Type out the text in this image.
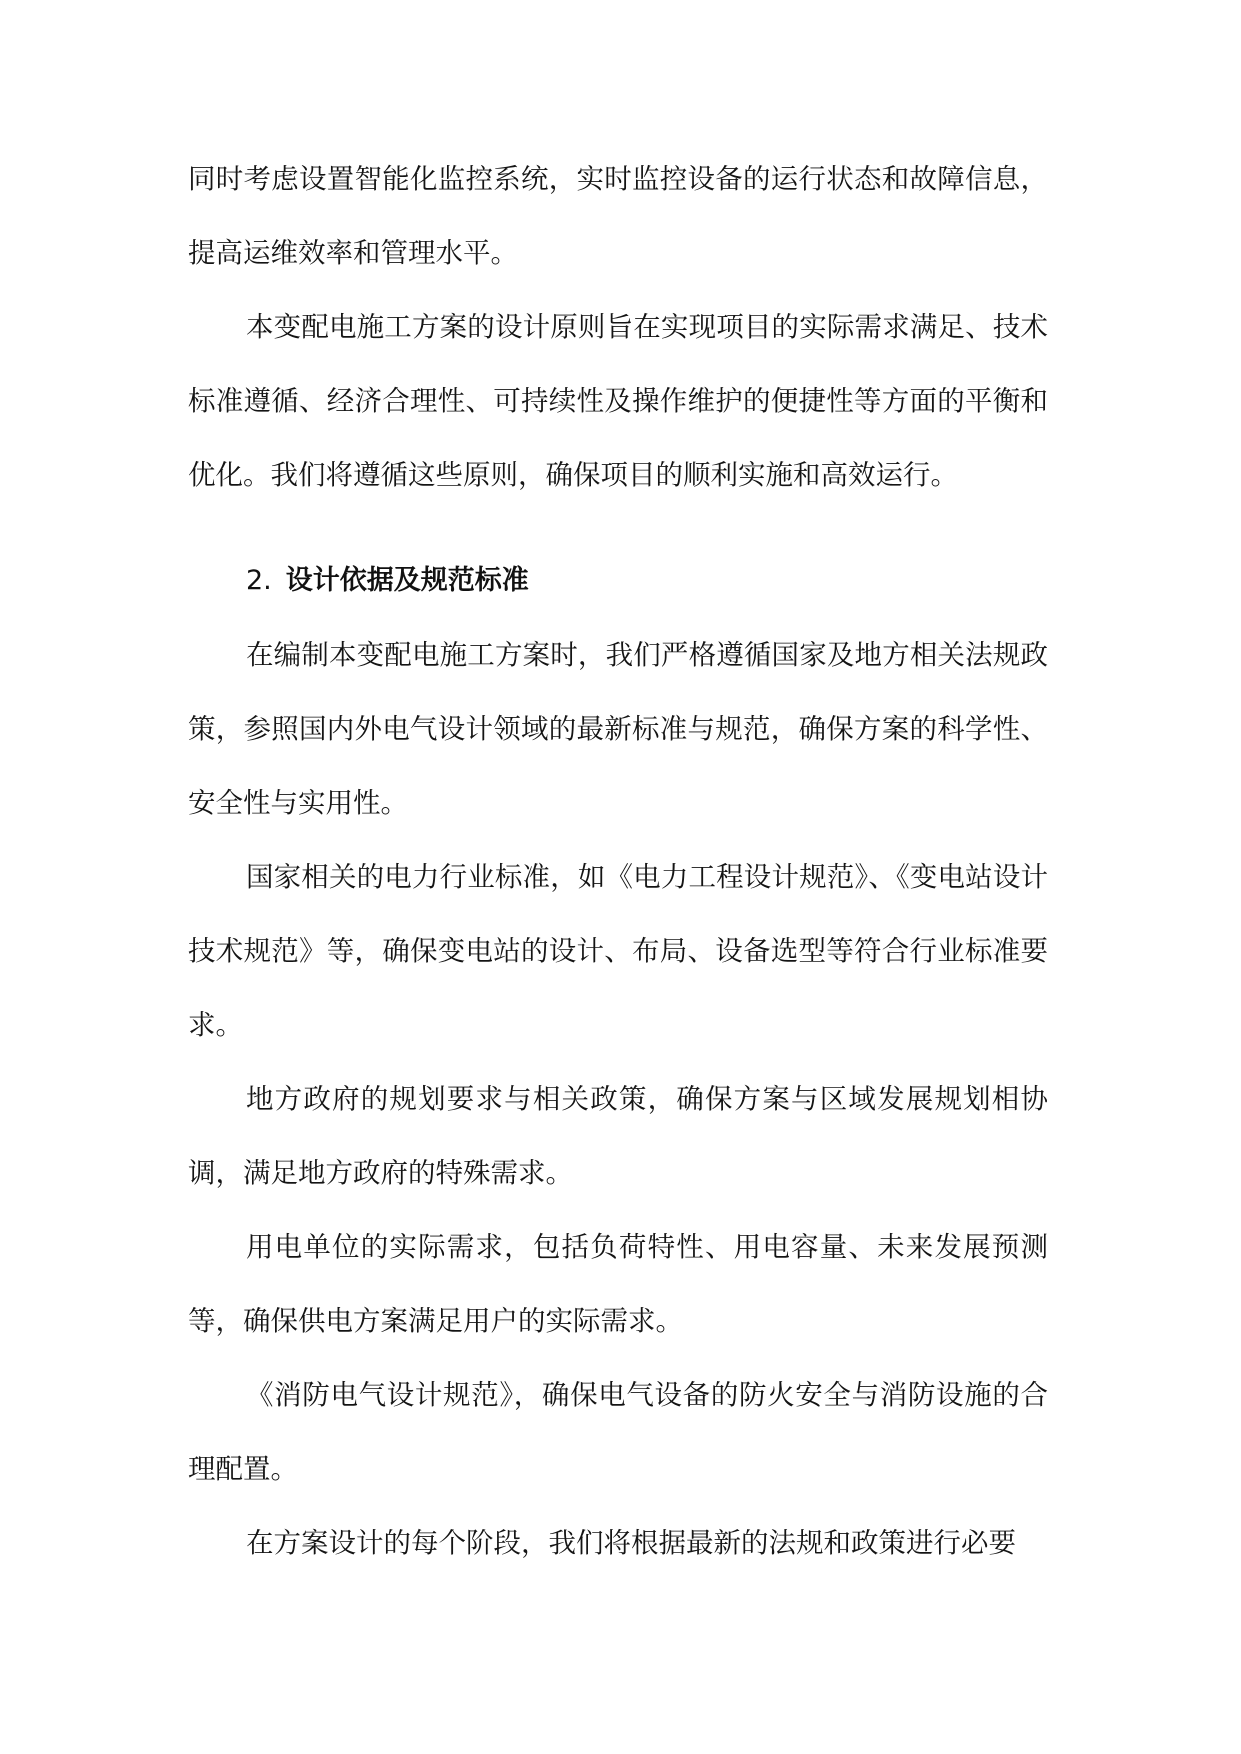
同时考虑设置智能化监控系统，实时监控设备的运行状态和故障信息，提高运维效率和管理水平。

本变配电施工方案的设计原则旨在实现项目的实际需求满足、技术标准遵循、经济合理性、可持续性及操作维护的便捷性等方面的平衡和优化。我们将遵循这些原则，确保项目的顺利实施和高效运行。

2. 设计依据及规范标准

在编制本变配电施工方案时，我们严格遵循国家及地方相关法规政策，参照国内外电气设计领域的最新标准与规范，确保方案的科学性、安全性与实用性。

国家相关的电力行业标准，如《电力工程设计规范》、《变电站设计技术规范》等，确保变电站的设计、布局、设备选型等符合行业标准要求。

地方政府的规划要求与相关政策，确保方案与区域发展规划相协调，满足地方政府的特殊需求。

用电单位的实际需求，包括负荷特性、用电容量、未来发展预测等，确保供电方案满足用户的实际需求。

《消防电气设计规范》，确保电气设备的防火安全与消防设施的合理配置。

在方案设计的每个阶段，我们将根据最新的法规和政策进行必要
